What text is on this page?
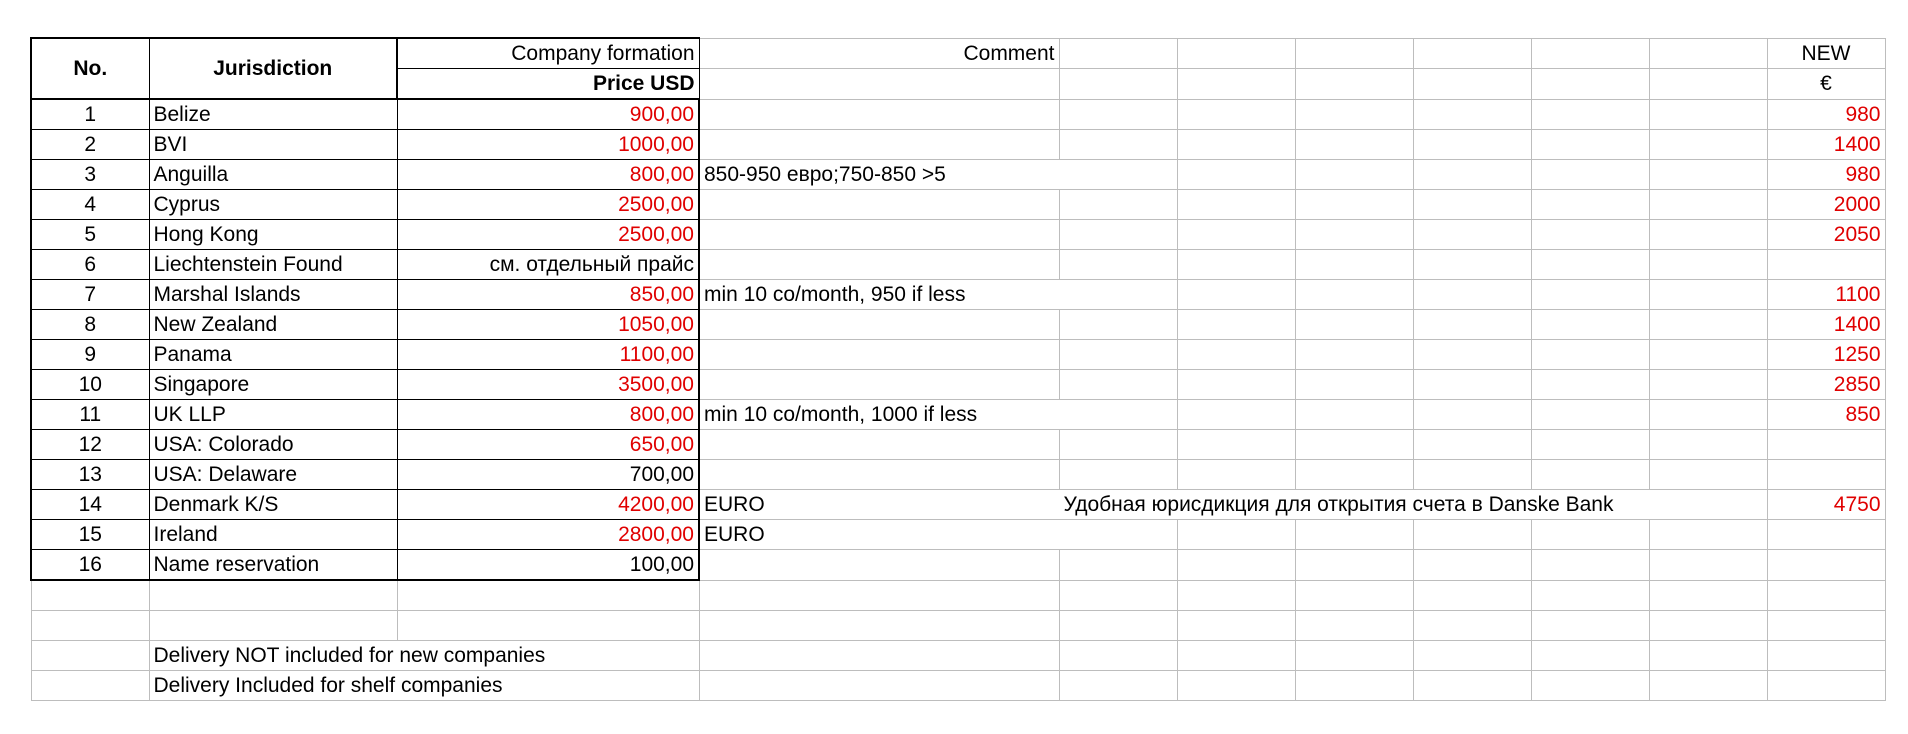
No.	Jurisdiction	Company formation	Comment							NEW
		Price USD								€
1	Belize	900,00								980
2	BVI	1000,00								1400
3	Anguilla	800,00	850-950 евро;750-850 >5							980
4	Cyprus	2500,00								2000
5	Hong Kong	2500,00								2050
6	Liechtenstein Found	см. отдельный прайс								
7	Marshal Islands	850,00	min 10 co/month, 950 if less							1100
8	New Zealand	1050,00								1400
9	Panama	1100,00								1250
10	Singapore	3500,00								2850
11	UK LLP	800,00	min 10 co/month, 1000 if less							850
12	USA: Colorado	650,00								
13	USA: Delaware	700,00								
14	Denmark K/S	4200,00	EURO	Удобная юрисдикция для открытия счета в Danske Bank						4750
15	Ireland	2800,00	EURO							
16	Name reservation	100,00								

	Delivery NOT included for new companies									
	Delivery Included for shelf companies									
